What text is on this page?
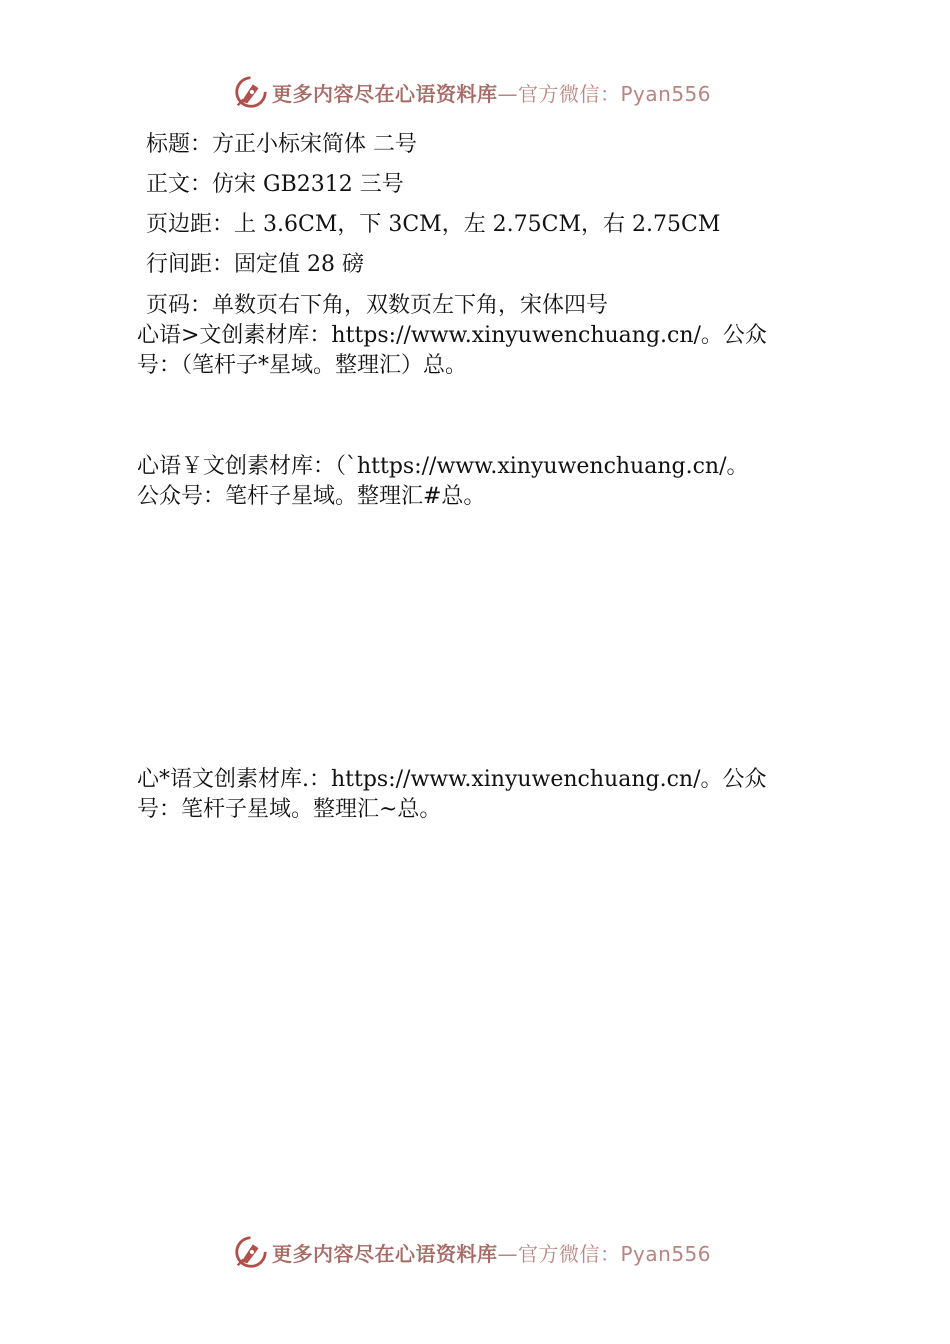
更多内容尽在心语资料库—官方微信：Pyan556
标题：方正小标宋简体 二号
正文：仿宋 GB2312 三号
页边距：上 3.6CM，下 3CM，左 2.75CM，右 2.75CM
行间距：固定值 28 磅
页码：单数页右下角，双数页左下角，宋体四号

心语>文创素材库：https://www.xinyuwenchuang.cn/。公众
号：（笔杆子*星域。整理汇）总。

心语￥文创素材库：（`https://www.xinyuwenchuang.cn/。
公众号：笔杆子星域。整理汇#总。

心*语文创素材库.：https://www.xinyuwenchuang.cn/。公众
号：笔杆子星域。整理汇~总。

更多内容尽在心语资料库—官方微信：Pyan556
